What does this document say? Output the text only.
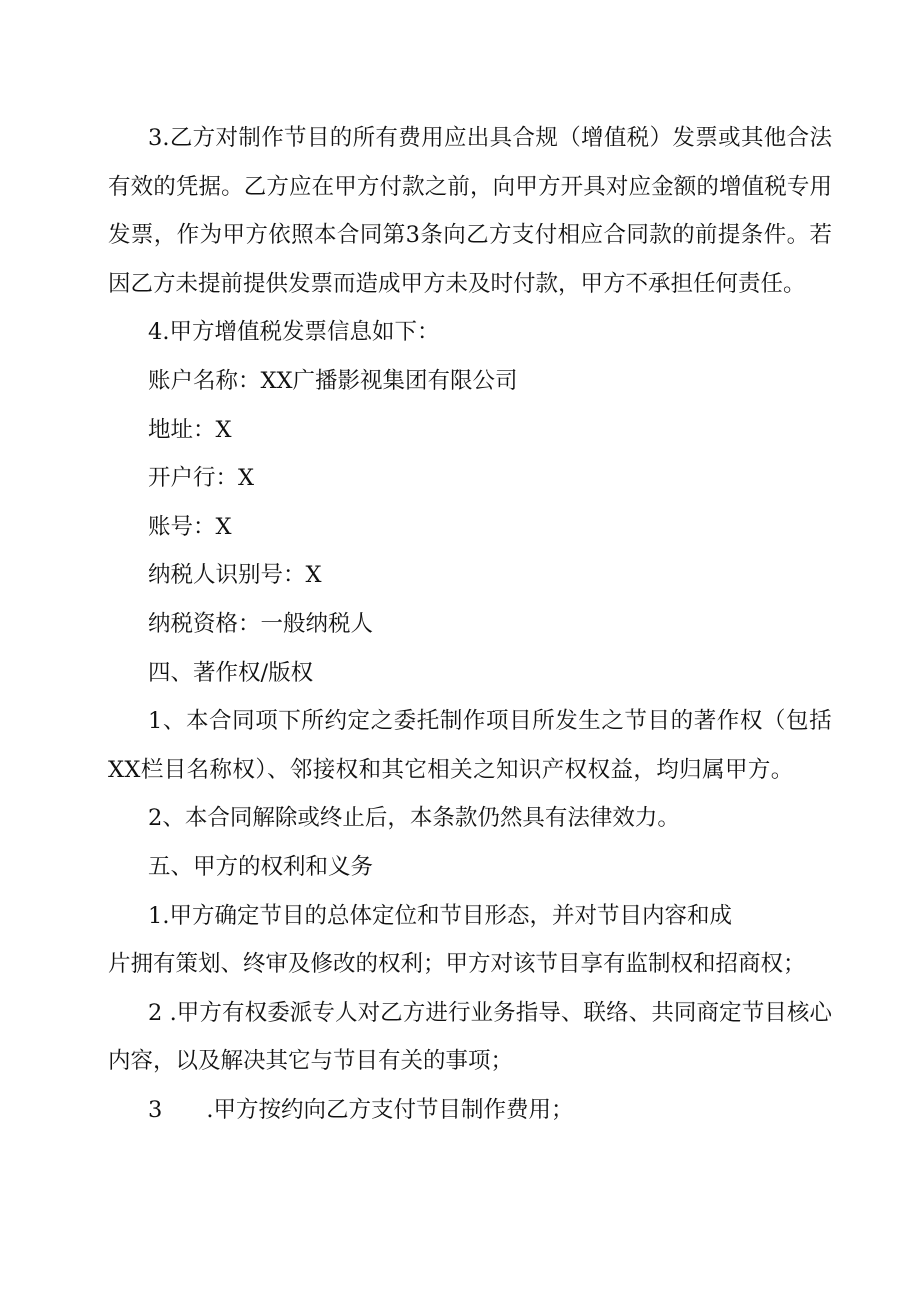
3.乙方对制作节目的所有费用应出具合规（增值税）发票或其他合法有效的凭据。乙方应在甲方付款之前，向甲方开具对应金额的增值税专用发票，作为甲方依照本合同第3条向乙方支付相应合同款的前提条件。若因乙方未提前提供发票而造成甲方未及时付款，甲方不承担任何责任。

4.甲方增值税发票信息如下：

账户名称：XX广播影视集团有限公司

地址：X

开户行：X

账号：X

纳税人识别号：X

纳税资格：一般纳税人

四、著作权/版权

1、本合同项下所约定之委托制作项目所发生之节目的著作权（包括XX栏目名称权）、邻接权和其它相关之知识产权权益，均归属甲方。

2、本合同解除或终止后，本条款仍然具有法律效力。

五、甲方的权利和义务

1.甲方确定节目的总体定位和节目形态，并对节目内容和成

片拥有策划、终审及修改的权利；甲方对该节目享有监制权和招商权；

2 .甲方有权委派专人对乙方进行业务指导、联络、共同商定节目核心内容，以及解决其它与节目有关的事项；

3 .甲方按约向乙方支付节目制作费用；
